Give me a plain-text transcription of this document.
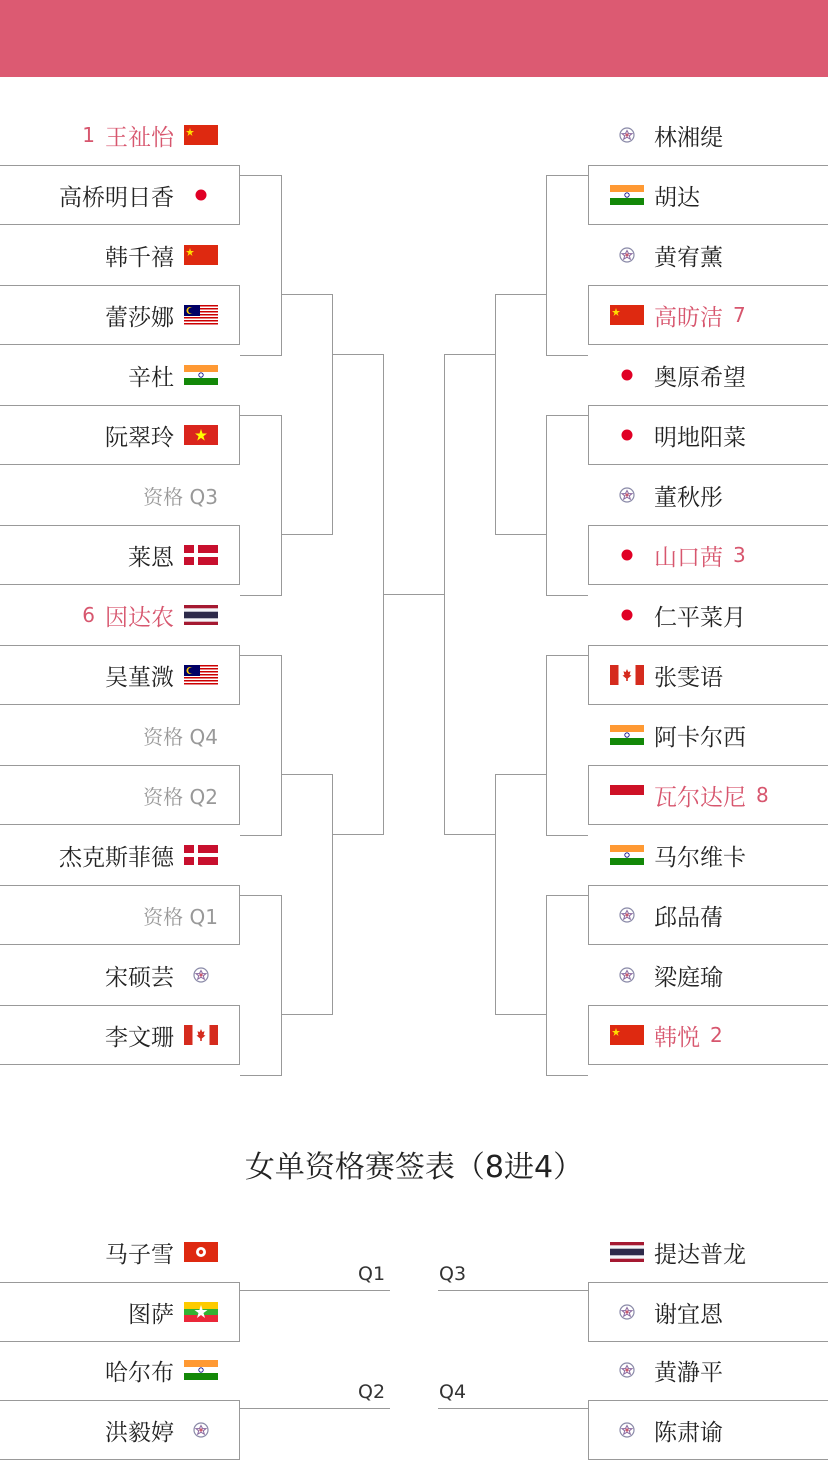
1 王祉怡
高桥明日香
韩千禧
蕾莎娜
辛杜
阮翠玲
资格 Q3
莱恩
6 因达农
吴堇溦
资格 Q4
资格 Q2
杰克斯菲德
资格 Q1
宋硕芸
李文珊
林湘缇
胡达
黄宥薰
高昉洁 7
奥原希望
明地阳菜
董秋彤
山口茜 3
仁平菜月
张雯语
阿卡尔西
瓦尔达尼 8
马尔维卡
邱品蒨
梁庭瑜
韩悦 2
女单资格赛签表（8进4）
马子雪
图萨
哈尔布
洪毅婷
提达普龙
谢宜恩
黄瀞平
陈肃谕
Q1	Q3
Q2	Q4
